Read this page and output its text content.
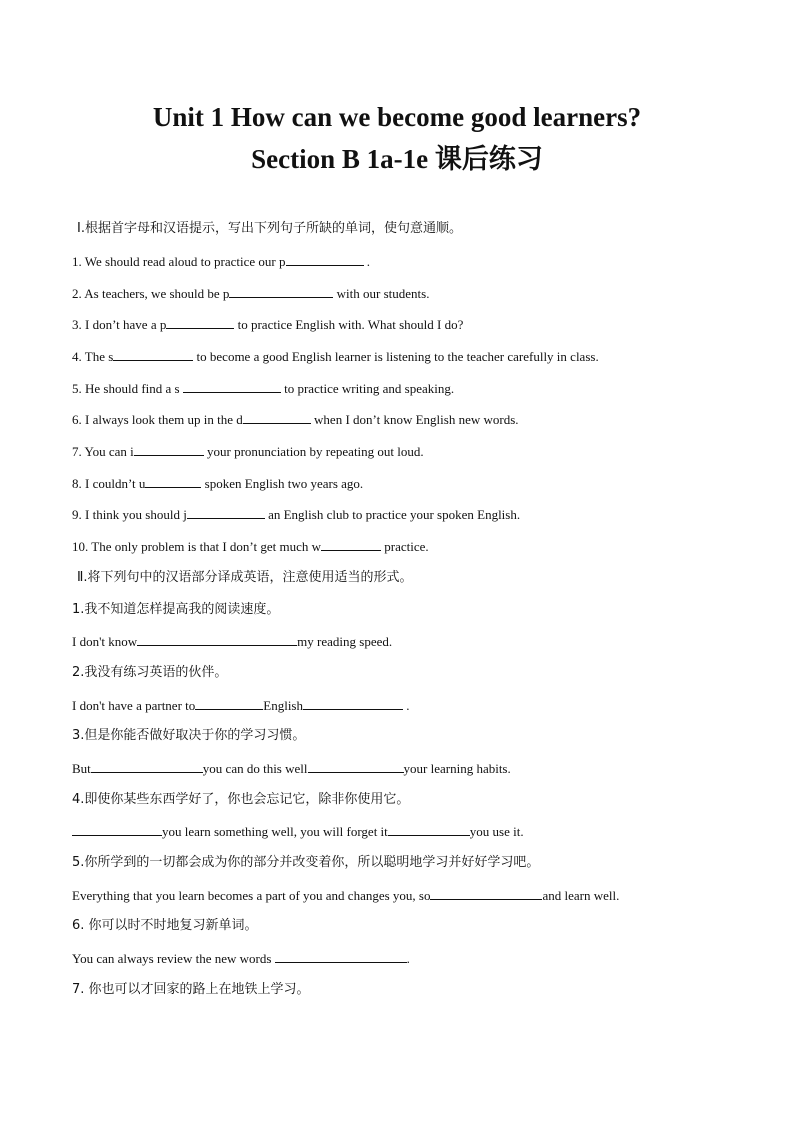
Unit 1 How can we become good learners?
Section B 1a-1e 课后练习
Ⅰ.根据首字母和汉语提示，写出下列句子所缺的单词，使句意通顺。
1. We should read aloud to practice our p	.
2. As teachers, we should be p	with our students.
3. I don’t have a p	to practice English with. What should I do?
4. The s	to become a good English learner is listening to the teacher carefully in class.
5. He should find a s	to practice writing and speaking.
6. I always look them up in the d	when I don’t know English new words.
7. You can i	your pronunciation by repeating out loud.
8. I couldn’t u	spoken English two years ago.
9. I think you should j	an English club to practice your spoken English.
10. The only problem is that I don’t get much w	practice.
Ⅱ.将下列句中的汉语部分译成英语，注意使用适当的形式。
1.我不知道怎样提高我的阅读速度。
I don't know	my reading speed.
2.我没有练习英语的伙伴。
I don't have a partner to	English	.
3.但是你能否做好取决于你的学习习惯。
But	you can do this well	your learning habits.
4.即使你某些东西学好了，你也会忘记它，除非你使用它。
you learn something well, you will forget it	you use it.
5.你所学到的一切都会成为你的部分并改变着你，所以聪明地学习并好好学习吧。
Everything that you learn becomes a part of you and changes you, so	and learn well.
6. 你可以时不时地复习新单词。
You can always review the new words	.
7. 你也可以才回家的路上在地铁上学习。
